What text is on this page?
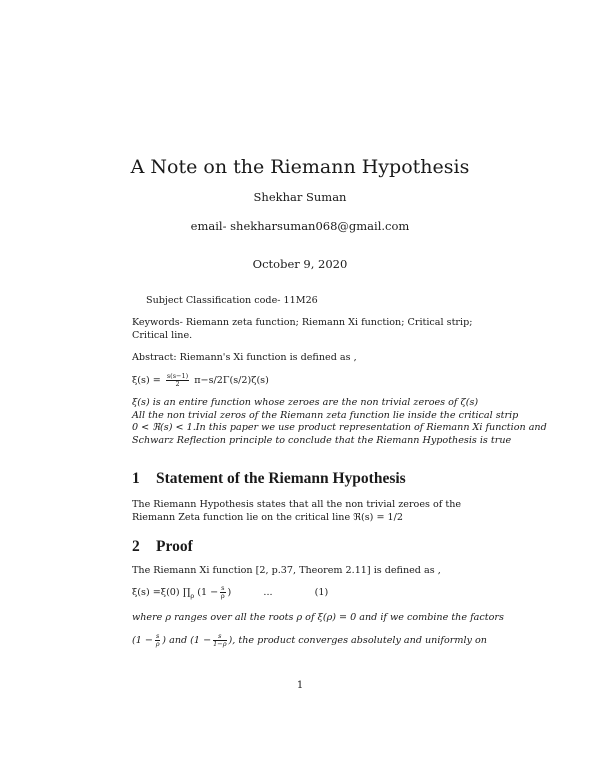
A Note on the Riemann Hypothesis
Shekhar Suman
email- shekharsuman068@gmail.com
October 9, 2020
Subject Classification code- 11M26
Keywords- Riemann zeta function; Riemann Xi function; Critical strip;
Critical line.
Abstract: Riemann's Xi function is defined as ,
$\xi(s) = \frac{s(s-1)}{2} \pi-s/2\Gamma(s/2)\zeta(s)$
ξ(s) is an entire function whose zeroes are the non trivial zeroes of ζ(s)
All the non trivial zeros of the Riemann zeta function lie inside the critical strip
0 < ℜ(s) < 1.In this paper we use product representation of Riemann Xi function and
Schwarz Reflection principle to conclude that the Riemann Hypothesis is true
1 Statement of the Riemann Hypothesis
The Riemann Hypothesis states that all the non trivial zeroes of the
Riemann Zeta function lie on the critical line ℜ(s) = 1/2
2 Proof
The Riemann Xi function [2, p.37, Theorem 2.11] is defined as ,
ξ(s) =ξ(0) $\prod_\rho$ ($1 - \frac{s}{\rho}$ )	...	(1)
where ρ ranges over all the roots ρ of ξ(ρ) = 0 and if we combine the factors
($1 - \frac{s}{\rho}$ ) and ($1 - \frac{s}{1-\rho}$ ), the product converges absolutely and uniformly on
1
